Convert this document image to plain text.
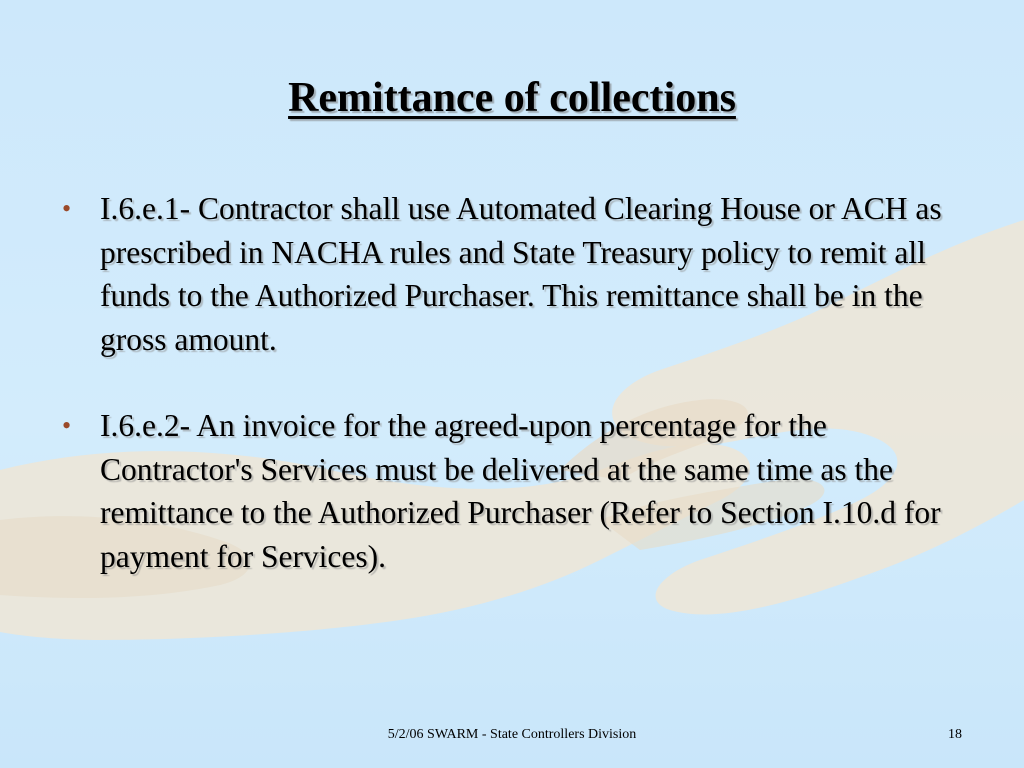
Remittance of collections
• I.6.e.1- Contractor shall use Automated Clearing House or ACH as prescribed in NACHA rules and State Treasury policy to remit all funds to the Authorized Purchaser. This remittance shall be in the gross amount.
• I.6.e.2- An invoice for the agreed-upon percentage for the Contractor's Services must be delivered at the same time as the remittance to the Authorized Purchaser (Refer to Section I.10.d for payment for Services).
5/2/06 SWARM - State Controllers Division	18
